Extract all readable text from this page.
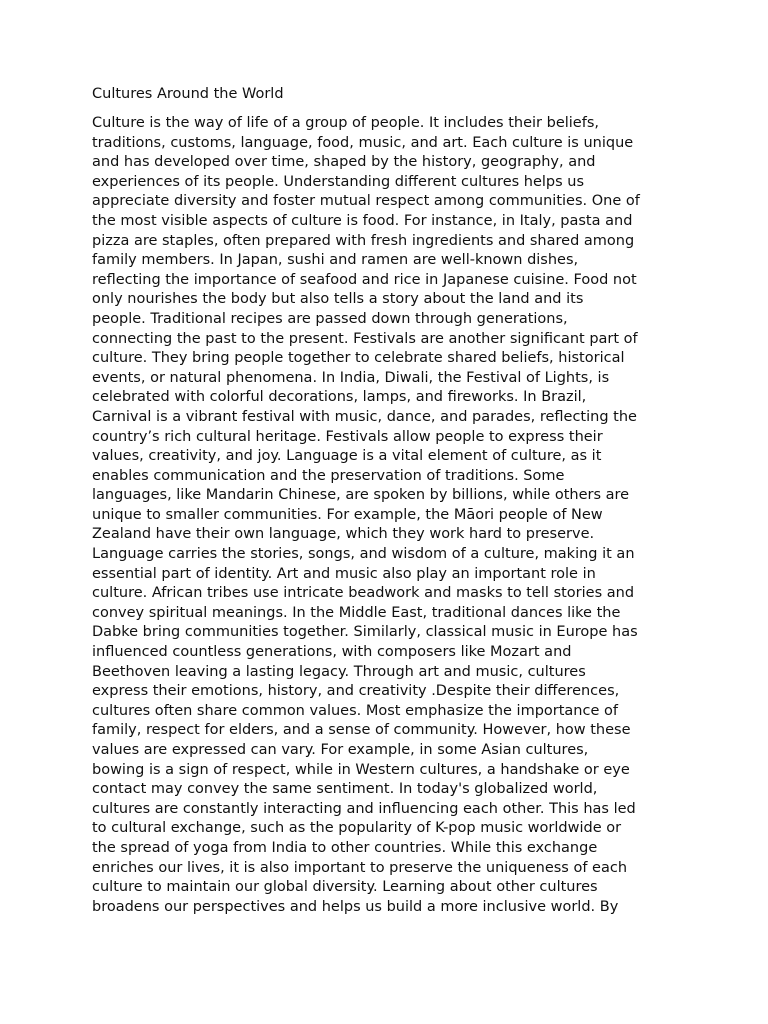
Cultures Around the World
Culture is the way of life of a group of people. It includes their beliefs,
traditions, customs, language, food, music, and art. Each culture is unique
and has developed over time, shaped by the history, geography, and
experiences of its people. Understanding different cultures helps us
appreciate diversity and foster mutual respect among communities. One of
the most visible aspects of culture is food. For instance, in Italy, pasta and
pizza are staples, often prepared with fresh ingredients and shared among
family members. In Japan, sushi and ramen are well-known dishes,
reflecting the importance of seafood and rice in Japanese cuisine. Food not
only nourishes the body but also tells a story about the land and its
people. Traditional recipes are passed down through generations,
connecting the past to the present. Festivals are another significant part of
culture. They bring people together to celebrate shared beliefs, historical
events, or natural phenomena. In India, Diwali, the Festival of Lights, is
celebrated with colorful decorations, lamps, and fireworks. In Brazil,
Carnival is a vibrant festival with music, dance, and parades, reflecting the
country’s rich cultural heritage. Festivals allow people to express their
values, creativity, and joy. Language is a vital element of culture, as it
enables communication and the preservation of traditions. Some
languages, like Mandarin Chinese, are spoken by billions, while others are
unique to smaller communities. For example, the Māori people of New
Zealand have their own language, which they work hard to preserve.
Language carries the stories, songs, and wisdom of a culture, making it an
essential part of identity. Art and music also play an important role in
culture. African tribes use intricate beadwork and masks to tell stories and
convey spiritual meanings. In the Middle East, traditional dances like the
Dabke bring communities together. Similarly, classical music in Europe has
influenced countless generations, with composers like Mozart and
Beethoven leaving a lasting legacy. Through art and music, cultures
express their emotions, history, and creativity .Despite their differences,
cultures often share common values. Most emphasize the importance of
family, respect for elders, and a sense of community. However, how these
values are expressed can vary. For example, in some Asian cultures,
bowing is a sign of respect, while in Western cultures, a handshake or eye
contact may convey the same sentiment. In today's globalized world,
cultures are constantly interacting and influencing each other. This has led
to cultural exchange, such as the popularity of K-pop music worldwide or
the spread of yoga from India to other countries. While this exchange
enriches our lives, it is also important to preserve the uniqueness of each
culture to maintain our global diversity. Learning about other cultures
broadens our perspectives and helps us build a more inclusive world. By
